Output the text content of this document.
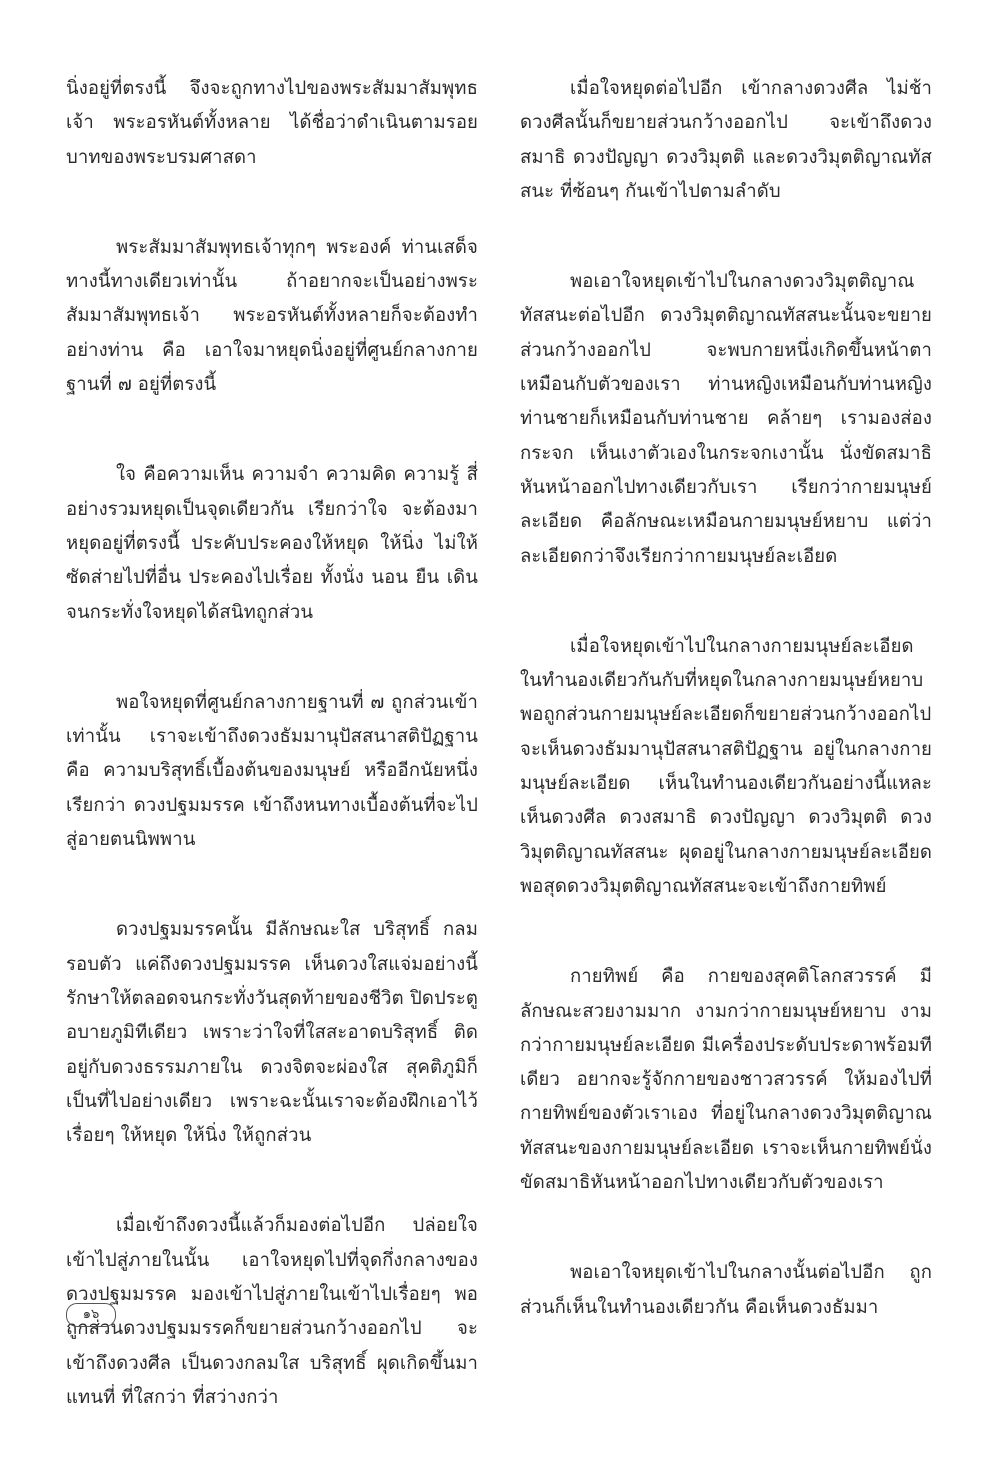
นิ่งอยู่ที่ตรงนี้ จึงจะถูกทางไปของพระสัมมาสัมพุทธเจ้า พระอรหันต์ทั้งหลาย ได้ชื่อว่าดำเนินตามรอยบาทของพระบรมศาสดา

พระสัมมาสัมพุทธเจ้าทุกๆ พระองค์ ท่านเสด็จทางนี้ทางเดียวเท่านั้น ถ้าอยากจะเป็นอย่างพระสัมมาสัมพุทธเจ้า พระอรหันต์ทั้งหลายก็จะต้องทำอย่างท่าน คือ เอาใจมาหยุดนิ่งอยู่ที่ศูนย์กลางกายฐานที่ ๗ อยู่ที่ตรงนี้

ใจ คือความเห็น ความจำ ความคิด ความรู้ สี่อย่างรวมหยุดเป็นจุดเดียวกัน เรียกว่าใจ จะต้องมาหยุดอยู่ที่ตรงนี้ ประคับประคองให้หยุด ให้นิ่ง ไม่ให้ซัดส่ายไปที่อื่น ประคองไปเรื่อย ทั้งนั่ง นอน ยืน เดิน จนกระทั่งใจหยุดได้สนิทถูกส่วน

พอใจหยุดที่ศูนย์กลางกายฐานที่ ๗ ถูกส่วนเข้าเท่านั้น เราจะเข้าถึงดวงธัมมานุปัสสนาสติปัฏฐาน คือ ความบริสุทธิ์เบื้องต้นของมนุษย์ หรืออีกนัยหนึ่งเรียกว่า ดวงปฐมมรรค เข้าถึงหนทางเบื้องต้นที่จะไปสู่อายตนนิพพาน

ดวงปฐมมรรคนั้น มีลักษณะใส บริสุทธิ์ กลมรอบตัว แค่ถึงดวงปฐมมรรค เห็นดวงใสแจ่มอย่างนี้ รักษาให้ตลอดจนกระทั่งวันสุดท้ายของชีวิต ปิดประตูอบายภูมิทีเดียว เพราะว่าใจที่ใสสะอาดบริสุทธิ์ ติดอยู่กับดวงธรรมภายใน ดวงจิตจะผ่องใส สุคติภูมิก็เป็นที่ไปอย่างเดียว เพราะฉะนั้นเราจะต้องฝึกเอาไว้เรื่อยๆ ให้หยุด ให้นิ่ง ให้ถูกส่วน

เมื่อเข้าถึงดวงนี้แล้วก็มองต่อไปอีก ปล่อยใจเข้าไปสู่ภายในนั้น เอาใจหยุดไปที่จุดกึ่งกลางของดวงปฐมมรรค มองเข้าไปสู่ภายในเข้าไปเรื่อยๆ พอถูกส่วนดวงปฐมมรรคก็ขยายส่วนกว้างออกไป จะเข้าถึงดวงศีล เป็นดวงกลมใส บริสุทธิ์ ผุดเกิดขึ้นมาแทนที่ ที่ใสกว่า ที่สว่างกว่า

เมื่อใจหยุดต่อไปอีก เข้ากลางดวงศีล ไม่ช้าดวงศีลนั้นก็ขยายส่วนกว้างออกไป จะเข้าถึงดวงสมาธิ ดวงปัญญา ดวงวิมุตติ และดวงวิมุตติญาณทัสสนะ ที่ซ้อนๆ กันเข้าไปตามลำดับ

พอเอาใจหยุดเข้าไปในกลางดวงวิมุตติญาณทัสสนะต่อไปอีก ดวงวิมุตติญาณทัสสนะนั้นจะขยายส่วนกว้างออกไป จะพบกายหนึ่งเกิดขึ้นหน้าตาเหมือนกับตัวของเรา ท่านหญิงเหมือนกับท่านหญิง ท่านชายก็เหมือนกับท่านชาย คล้ายๆ เรามองส่องกระจก เห็นเงาตัวเองในกระจกเงานั้น นั่งขัดสมาธิหันหน้าออกไปทางเดียวกับเรา เรียกว่ากายมนุษย์ละเอียด คือลักษณะเหมือนกายมนุษย์หยาบ แต่ว่าละเอียดกว่าจึงเรียกว่ากายมนุษย์ละเอียด

เมื่อใจหยุดเข้าไปในกลางกายมนุษย์ละเอียดในทำนองเดียวกันกับที่หยุดในกลางกายมนุษย์หยาบ พอถูกส่วนกายมนุษย์ละเอียดก็ขยายส่วนกว้างออกไป จะเห็นดวงธัมมานุปัสสนาสติปัฏฐาน อยู่ในกลางกายมนุษย์ละเอียด เห็นในทำนองเดียวกันอย่างนี้แหละ เห็นดวงศีล ดวงสมาธิ ดวงปัญญา ดวงวิมุตติ ดวงวิมุตติญาณทัสสนะ ผุดอยู่ในกลางกายมนุษย์ละเอียด พอสุดดวงวิมุตติญาณทัสสนะจะเข้าถึงกายทิพย์

กายทิพย์ คือ กายของสุคติโลกสวรรค์ มีลักษณะสวยงามมาก งามกว่ากายมนุษย์หยาบ งามกว่ากายมนุษย์ละเอียด มีเครื่องประดับประดาพร้อมทีเดียว อยากจะรู้จักกายของชาวสวรรค์ ให้มองไปที่กายทิพย์ของตัวเราเอง ที่อยู่ในกลางดวงวิมุตติญาณทัสสนะของกายมนุษย์ละเอียด เราจะเห็นกายทิพย์นั่งขัดสมาธิหันหน้าออกไปทางเดียวกับตัวของเรา

พอเอาใจหยุดเข้าไปในกลางนั้นต่อไปอีก ถูกส่วนก็เห็นในทำนองเดียวกัน คือเห็นดวงธัมมา

๑๖
